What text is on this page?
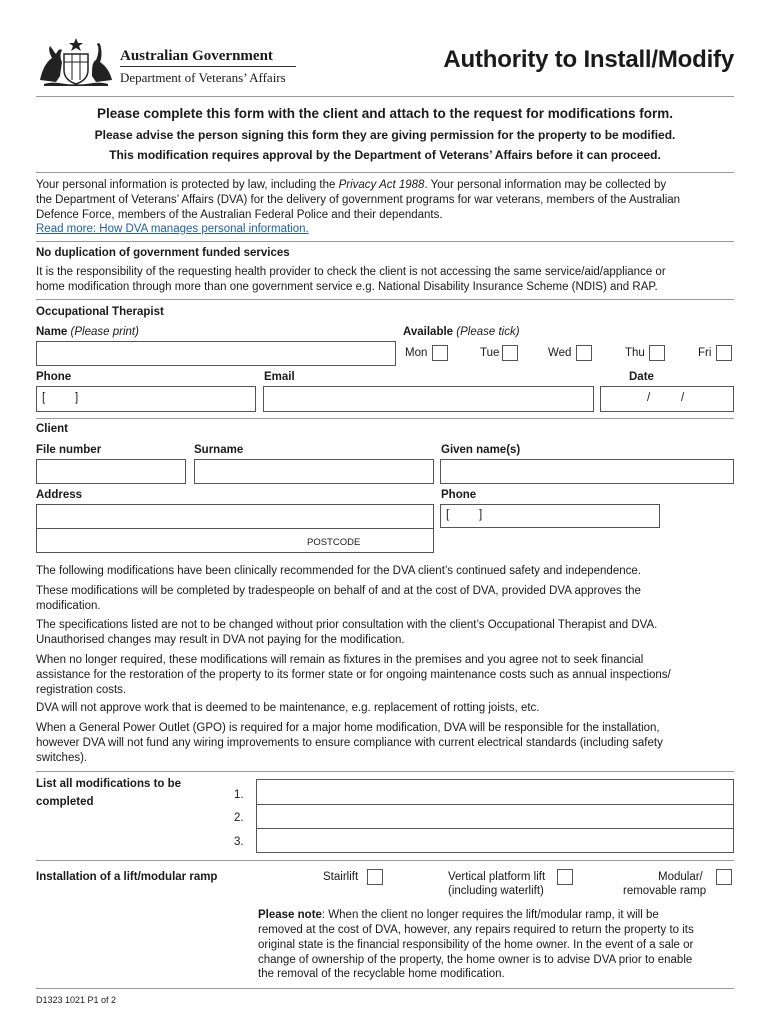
Australian Government
Department of Veterans’ Affairs
Authority to Install/Modify
Please complete this form with the client and attach to the request for modifications form.
Please advise the person signing this form they are giving permission for the property to be modified.
This modification requires approval by the Department of Veterans’ Affairs before it can proceed.
Your personal information is protected by law, including the Privacy Act 1988. Your personal information may be collected by
the Department of Veterans’ Affairs (DVA) for the delivery of government programs for war veterans, members of the Australian
Defence Force, members of the Australian Federal Police and their dependants.
Read more: How DVA manages personal information.
No duplication of government funded services
It is the responsibility of the requesting health provider to check the client is not accessing the same service/aid/appliance or
home modification through more than one government service e.g. National Disability Insurance Scheme (NDIS) and RAP.
Occupational Therapist
Name (Please print)	Available (Please tick)
Mon	Tue	Wed	Thu	Fri
Phone
[	]
Email	Date
/	/
Client
File number	Surname	Given name(s)
Address
POSTCODE
Phone
[	]
The following modifications have been clinically recommended for the DVA client’s continued safety and independence.
These modifications will be completed by tradespeople on behalf of and at the cost of DVA, provided DVA approves the
modification.
The specifications listed are not to be changed without prior consultation with the client’s Occupational Therapist and DVA.
Unauthorised changes may result in DVA not paying for the modification.
When no longer required, these modifications will remain as fixtures in the premises and you agree not to seek financial
assistance for the restoration of the property to its former state or for ongoing maintenance costs such as annual inspections/
registration costs.
DVA will not approve work that is deemed to be maintenance, e.g. replacement of rotting joists, etc.
When a General Power Outlet (GPO) is required for a major home modification, DVA will be responsible for the installation,
however DVA will not fund any wiring improvements to ensure compliance with current electrical standards (including safety
switches).
List all modifications to be
completed
1.
2.
3.
Installation of a lift/modular ramp	Stairlift	Vertical platform lift
(including waterlift)
Modular/
removable ramp
Please note: When the client no longer requires the lift/modular ramp, it will be
removed at the cost of DVA, however, any repairs required to return the property to its
original state is the financial responsibility of the home owner. In the event of a sale or
change of ownership of the property, the home owner is to advise DVA prior to enable
the removal of the recyclable home modification.
D1323 1021 P1 of 2
